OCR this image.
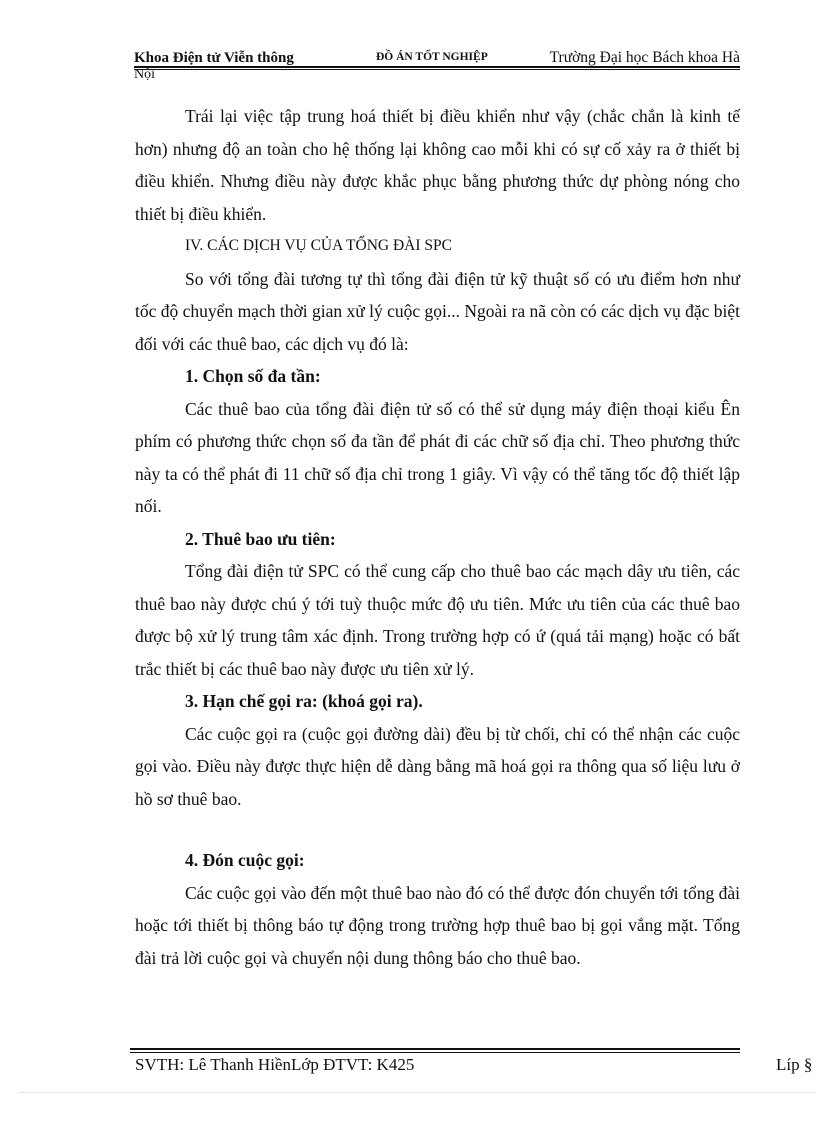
Khoa Điện tử Viễn thông	ĐỒ ÁN TỐT NGHIỆP	Trường Đại học Bách khoa Hà
Nội

Trái lại việc tập trung hoá thiết bị điều khiển như vậy (chắc chắn là kinh tế hơn) nhưng độ an toàn cho hệ thống lại không cao mỗi khi có sự cố xảy ra ở thiết bị điều khiển. Nhưng điều này được khắc phục bằng phương thức dự phòng nóng cho thiết bị điều khiển.

IV. CÁC DỊCH VỤ CỦA TỔNG ĐÀI SPC

So với tổng đài tương tự thì tổng đài điện tử kỹ thuật số có ưu điểm hơn như tốc độ chuyển mạch thời gian xử lý cuộc gọi... Ngoài ra nã còn có các dịch vụ đặc biệt đối với các thuê bao, các dịch vụ đó là:

1. Chọn số đa tần:

Các thuê bao của tổng đài điện tử số có thể sử dụng máy điện thoại kiểu Ên phím có phương thức chọn số đa tần để phát đi các chữ số địa chỉ. Theo phương thức này ta có thể phát đi 11 chữ số địa chỉ trong 1 giây. Vì vậy có thể tăng tốc độ thiết lập nối.

2. Thuê bao ưu tiên:

Tổng đài điện tử SPC có thể cung cấp cho thuê bao các mạch dây ưu tiên, các thuê bao này được chú ý tới tuỳ thuộc mức độ ưu tiên. Mức ưu tiên của các thuê bao được bộ xử lý trung tâm xác định. Trong trường hợp có ứ (quá tải mạng) hoặc có bất trắc thiết bị các thuê bao này được ưu tiên xử lý.

3. Hạn chế gọi ra: (khoá gọi ra).

Các cuộc gọi ra (cuộc gọi đường dài) đều bị từ chối, chỉ có thể nhận các cuộc gọi vào. Điều này được thực hiện dễ dàng bằng mã hoá gọi ra thông qua số liệu lưu ở hồ sơ thuê bao.

4. Đón cuộc gọi:

Các cuộc gọi vào đến một thuê bao nào đó có thể được đón chuyển tới tổng đài hoặc tới thiết bị thông báo tự động trong trường hợp thuê bao bị gọi vắng mặt. Tổng đài trả lời cuộc gọi và chuyển nội dung thông báo cho thuê bao.

SVTH: Lê Thanh HiềnLớp ĐTVT: K425	Líp §
